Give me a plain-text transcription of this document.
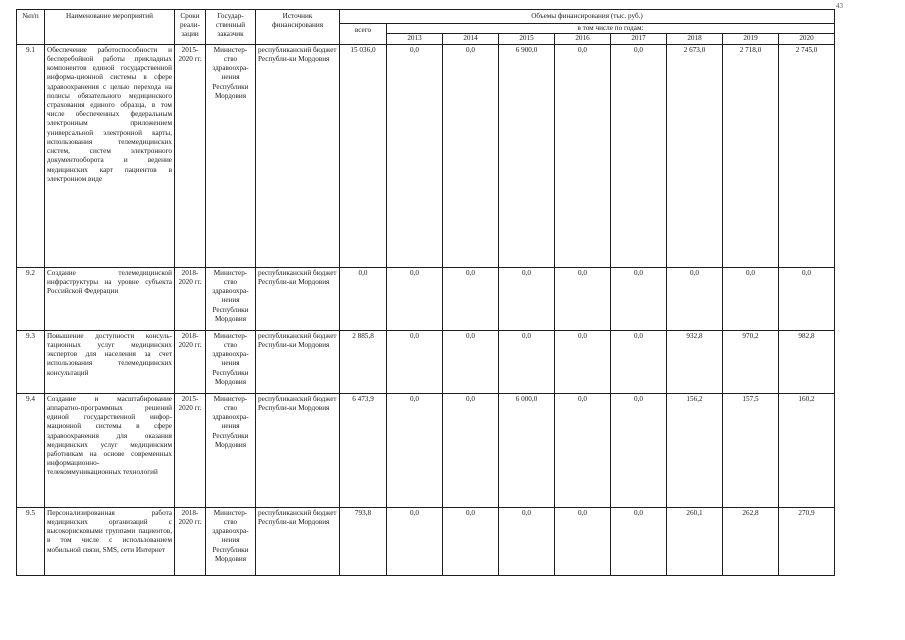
43
№п/п	Наименование мероприятий	Сроки реали-зации	Государ-ственный заказчик	Источник финансирования	Объемы финансирования (тыс. руб.)								
					всего	в том числе по годам:							
						2013	2014	2015	2016	2017	2018	2019	2020
9.1	Обеспечение работоспособности и бесперебойной работы прикладных компонентов единой государственной информа-ционной системы в сфере здравоохранения с целью перехода на полисы обязательного медицинского страхования единого образца, в том числе обеспеченных федеральным электронным приложением универсальной электронной карты, использования телемедицинских систем, систем электронного документооборота и ведение медицинских карт пациентов в электронном виде	2015-2020 гг.	Министер-ство здравоохра-нения Республики Мордовия	республиканский бюджет Республи-ки Мордовия	15 036,0	0,0	0,0	6 900,0	0,0	0,0	2 673,0	2 718,0	2 745,0
9.2	Создание телемедицинской инфраструктуры на уровне субъекта Российской Федерации	2018-2020 гг.	Министер-ство здравоохра-нения Республики Мордовия	республиканский бюджет Республи-ки Мордовия	0,0	0,0	0,0	0,0	0,0	0,0	0,0	0,0	0,0
9.3	Повышение доступности консуль-тационных услуг медицинских экспертов для населения за счет использования телемедицинских консультаций	2018-2020 гг.	Министер-ство здравоохра-нения Республики Мордовия	республиканский бюджет Республи-ки Мордовия	2 885,8	0,0	0,0	0,0	0,0	0,0	932,8	970,2	982,8
9.4	Создание и масштабирование аппаратно-программных решений единой государственной инфор-мационной системы в сфере здравоохранения для оказания медицинских услуг медицинским работникам на основе современных информационно-телекоммуникационных технологий	2015-2020 гг.	Министер-ство здравоохра-нения Республики Мордовия	республиканский бюджет Республи-ки Мордовия	6 473,9	0,0	0,0	6 000,0	0,0	0,0	156,2	157,5	160,2
9.5	Персонализированная работа медицинских организаций с высокорисковыми группами пациентов, в том числе с использованием мобильной связи, SMS, сети Интернет	2018-2020 гг.	Министер-ство здравоохра-нения Республики Мордовия	республиканский бюджет Республи-ки Мордовия	793,8	0,0	0,0	0,0	0,0	0,0	260,1	262,8	270,9
